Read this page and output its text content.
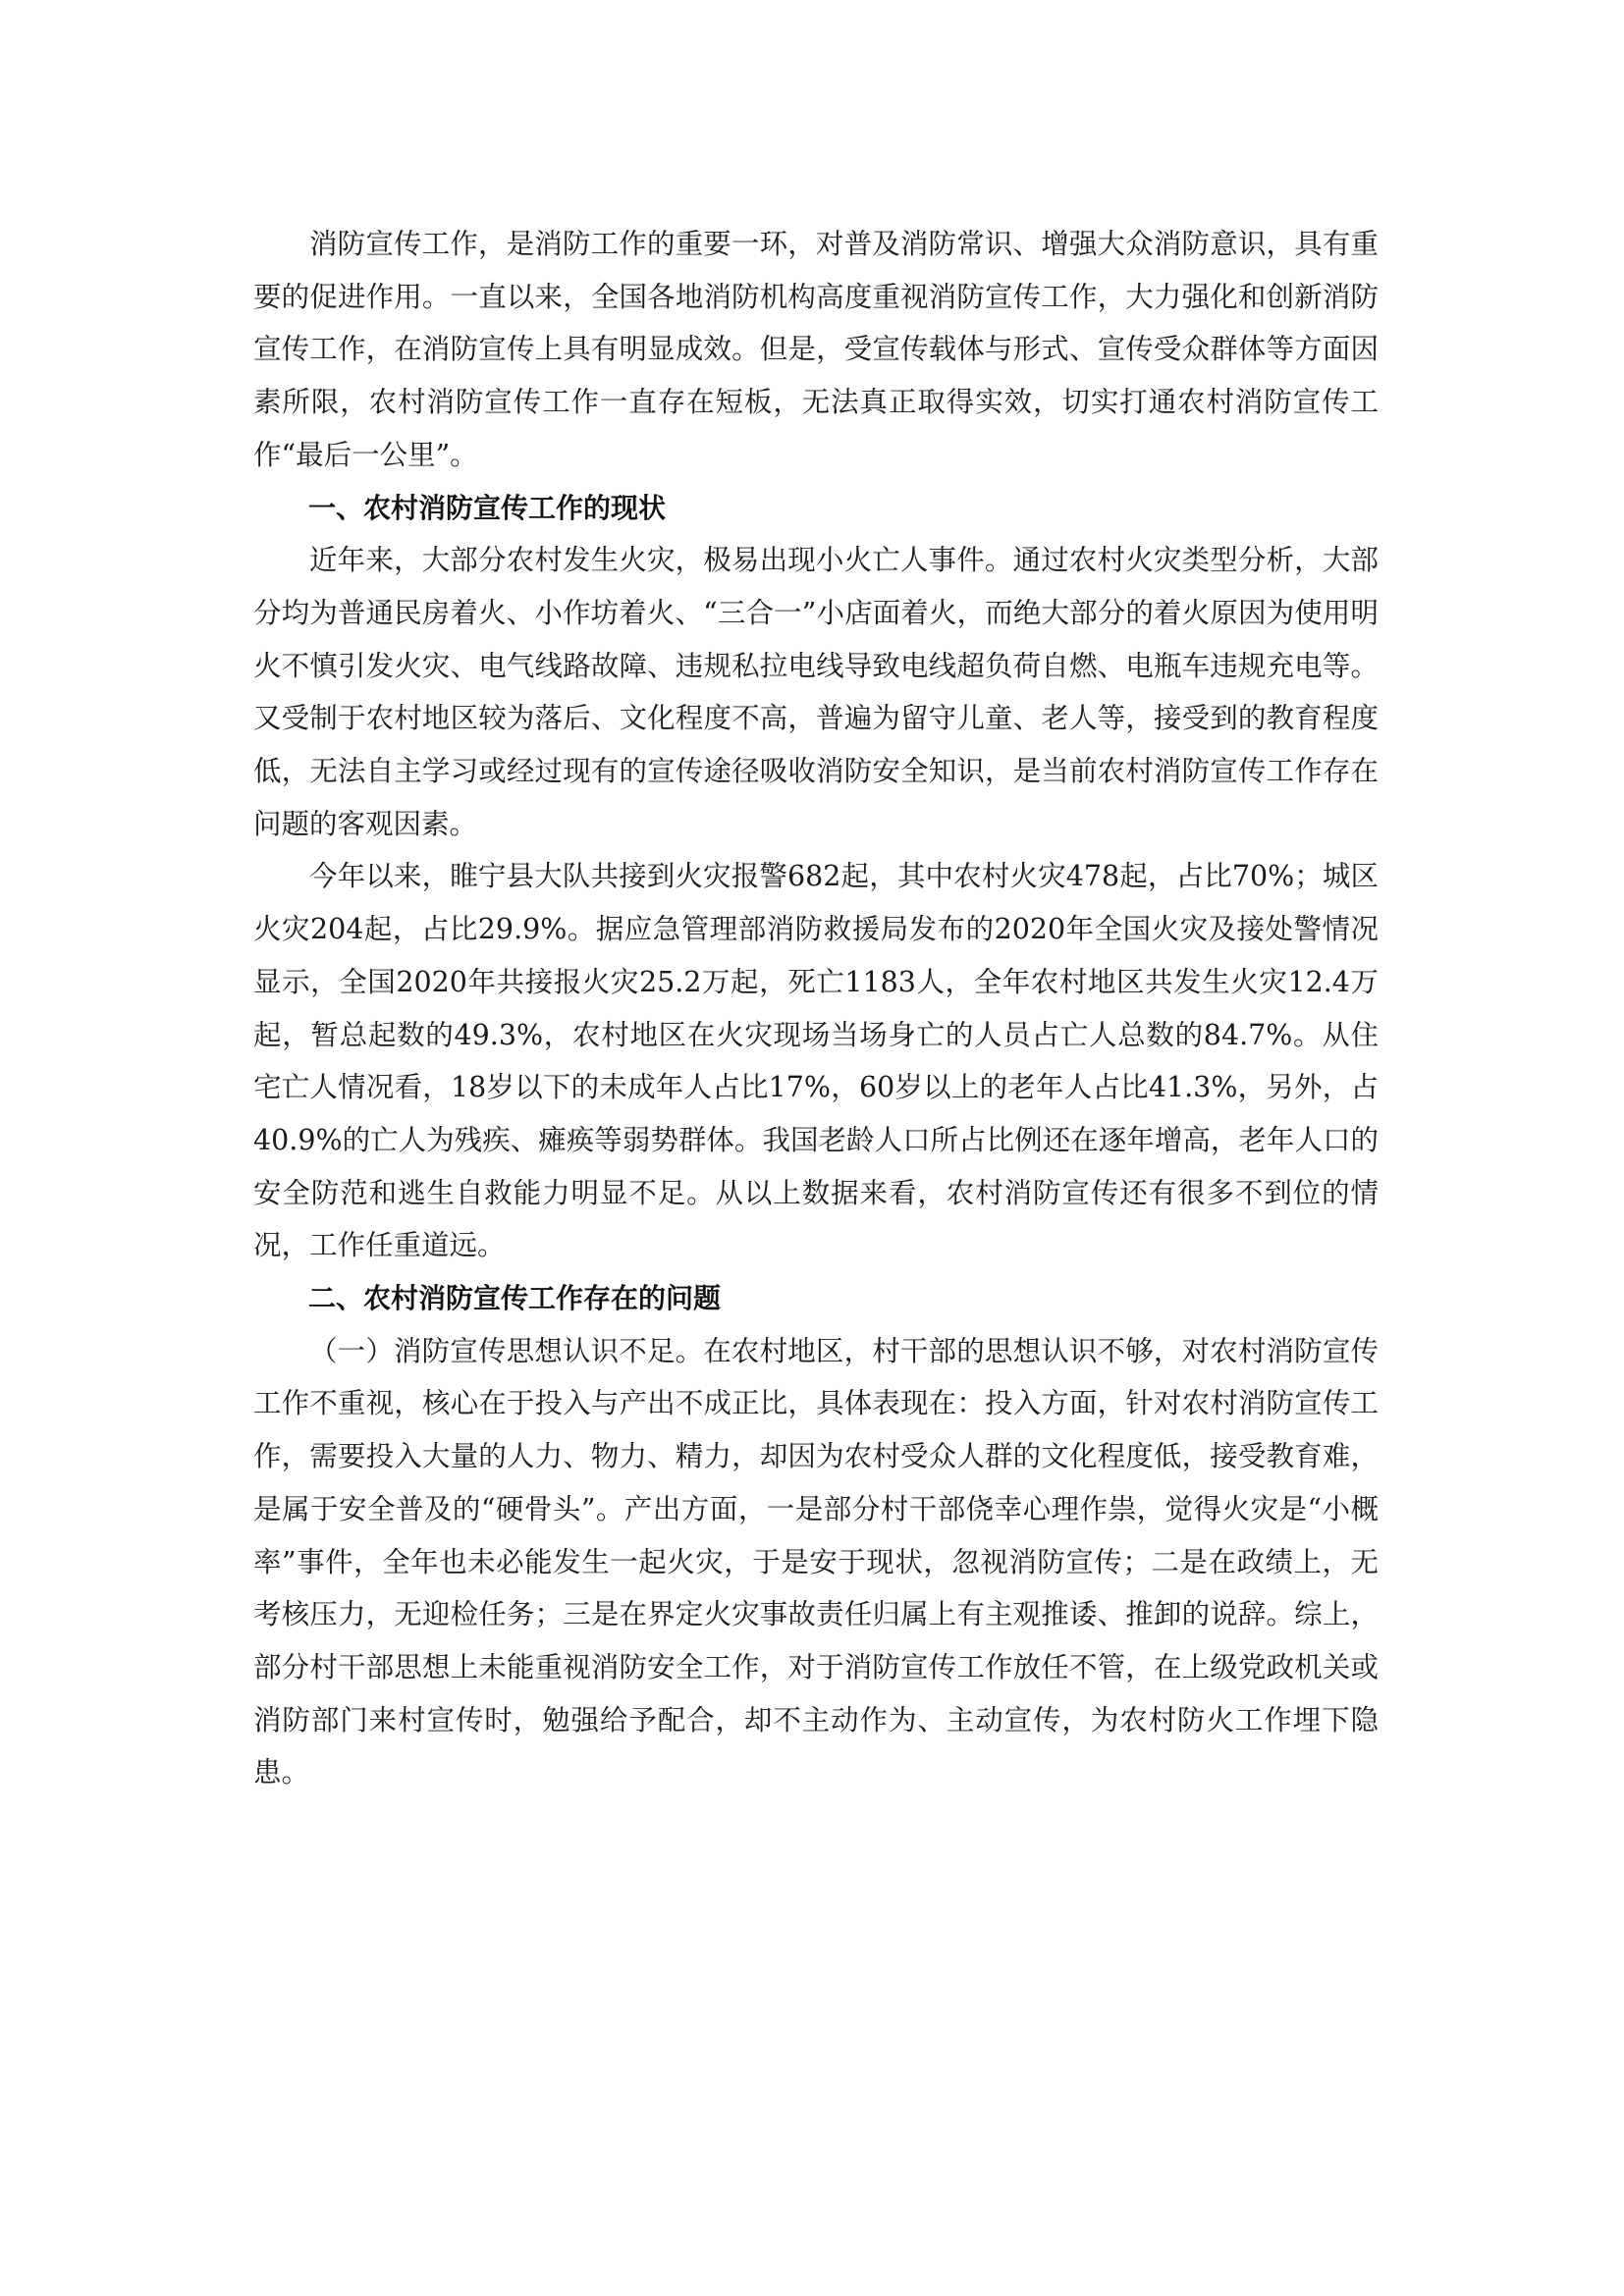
消防宣传工作，是消防工作的重要一环，对普及消防常识、增强大众消防意识，具有重要的促进作用。一直以来，全国各地消防机构高度重视消防宣传工作，大力强化和创新消防宣传工作，在消防宣传上具有明显成效。但是，受宣传载体与形式、宣传受众群体等方面因素所限，农村消防宣传工作一直存在短板，无法真正取得实效，切实打通农村消防宣传工作“最后一公里”。

一、农村消防宣传工作的现状

近年来，大部分农村发生火灾，极易出现小火亡人事件。通过农村火灾类型分析，大部分均为普通民房着火、小作坊着火、“三合一”小店面着火，而绝大部分的着火原因为使用明火不慎引发火灾、电气线路故障、违规私拉电线导致电线超负荷自燃、电瓶车违规充电等。又受制于农村地区较为落后、文化程度不高，普遍为留守儿童、老人等，接受到的教育程度低，无法自主学习或经过现有的宣传途径吸收消防安全知识，是当前农村消防宣传工作存在问题的客观因素。

今年以来，睢宁县大队共接到火灾报警682起，其中农村火灾478起，占比70%；城区火灾204起，占比29.9%。据应急管理部消防救援局发布的2020年全国火灾及接处警情况显示，全国2020年共接报火灾25.2万起，死亡1183人，全年农村地区共发生火灾12.4万起，暂总起数的49.3%，农村地区在火灾现场当场身亡的人员占亡人总数的84.7%。从住宅亡人情况看，18岁以下的未成年人占比17%，60岁以上的老年人占比41.3%，另外，占40.9%的亡人为残疾、瘫痪等弱势群体。我国老龄人口所占比例还在逐年增高，老年人口的安全防范和逃生自救能力明显不足。从以上数据来看，农村消防宣传还有很多不到位的情况，工作任重道远。

二、农村消防宣传工作存在的问题

（一）消防宣传思想认识不足。在农村地区，村干部的思想认识不够，对农村消防宣传工作不重视，核心在于投入与产出不成正比，具体表现在：投入方面，针对农村消防宣传工作，需要投入大量的人力、物力、精力，却因为农村受众人群的文化程度低，接受教育难，是属于安全普及的“硬骨头”。产出方面，一是部分村干部侥幸心理作祟，觉得火灾是“小概率”事件，全年也未必能发生一起火灾，于是安于现状，忽视消防宣传；二是在政绩上，无考核压力，无迎检任务；三是在界定火灾事故责任归属上有主观推诿、推卸的说辞。综上，部分村干部思想上未能重视消防安全工作，对于消防宣传工作放任不管，在上级党政机关或消防部门来村宣传时，勉强给予配合，却不主动作为、主动宣传，为农村防火工作埋下隐患。
